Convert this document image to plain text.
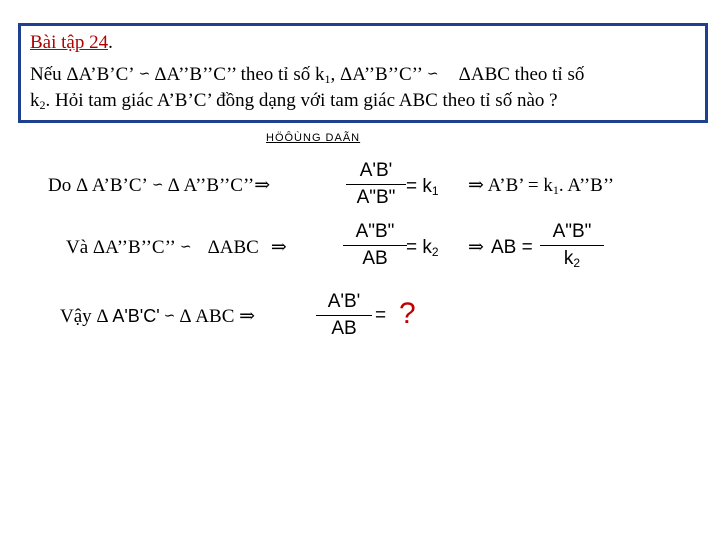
Bài tập 24.
Nếu ΔA’B’C’ ∽ ΔA’’B’’C’’ theo tỉ số $k_1$, ΔA’’B’’C’’ ∽ ΔABC theo tỉ số
$k_2$. Hỏi tam giác A’B’C’ đồng dạng với tam giác ABC theo tỉ số nào ?
HÖÔÙNG DAÃN
Do Δ A’B’C’ ∽ Δ A’’B’’C’’⇒
A'B'
A"B"
= $k_1$ ⇒ A’B’ = $k_1$. A’’B’’
Và ΔA’’B’’C’’ ∽ ΔABC ⇒
A"B"
AB
= $k_2$ ⇒ AB =
A"B"
$k_2$
Vậy Δ A'B'C' ∽ Δ ABC ⇒
A'B'
AB
= ?
